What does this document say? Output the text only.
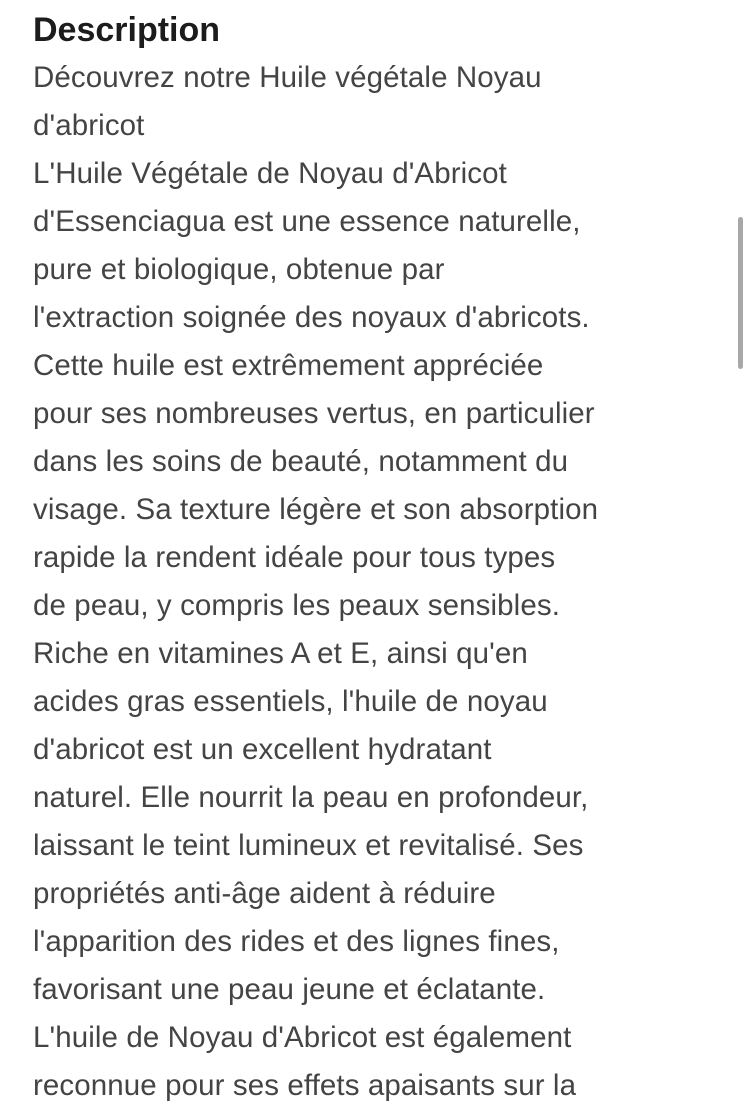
Description
Découvrez notre Huile végétale Noyau
d'abricot
L'Huile Végétale de Noyau d'Abricot
d'Essenciagua est une essence naturelle,
pure et biologique, obtenue par
l'extraction soignée des noyaux d'abricots.
Cette huile est extrêmement appréciée
pour ses nombreuses vertus, en particulier
dans les soins de beauté, notamment du
visage. Sa texture légère et son absorption
rapide la rendent idéale pour tous types
de peau, y compris les peaux sensibles.
Riche en vitamines A et E, ainsi qu'en
acides gras essentiels, l'huile de noyau
d'abricot est un excellent hydratant
naturel. Elle nourrit la peau en profondeur,
laissant le teint lumineux et revitalisé. Ses
propriétés anti-âge aident à réduire
l'apparition des rides et des lignes fines,
favorisant une peau jeune et éclatante.
L'huile de Noyau d'Abricot est également
reconnue pour ses effets apaisants sur la
